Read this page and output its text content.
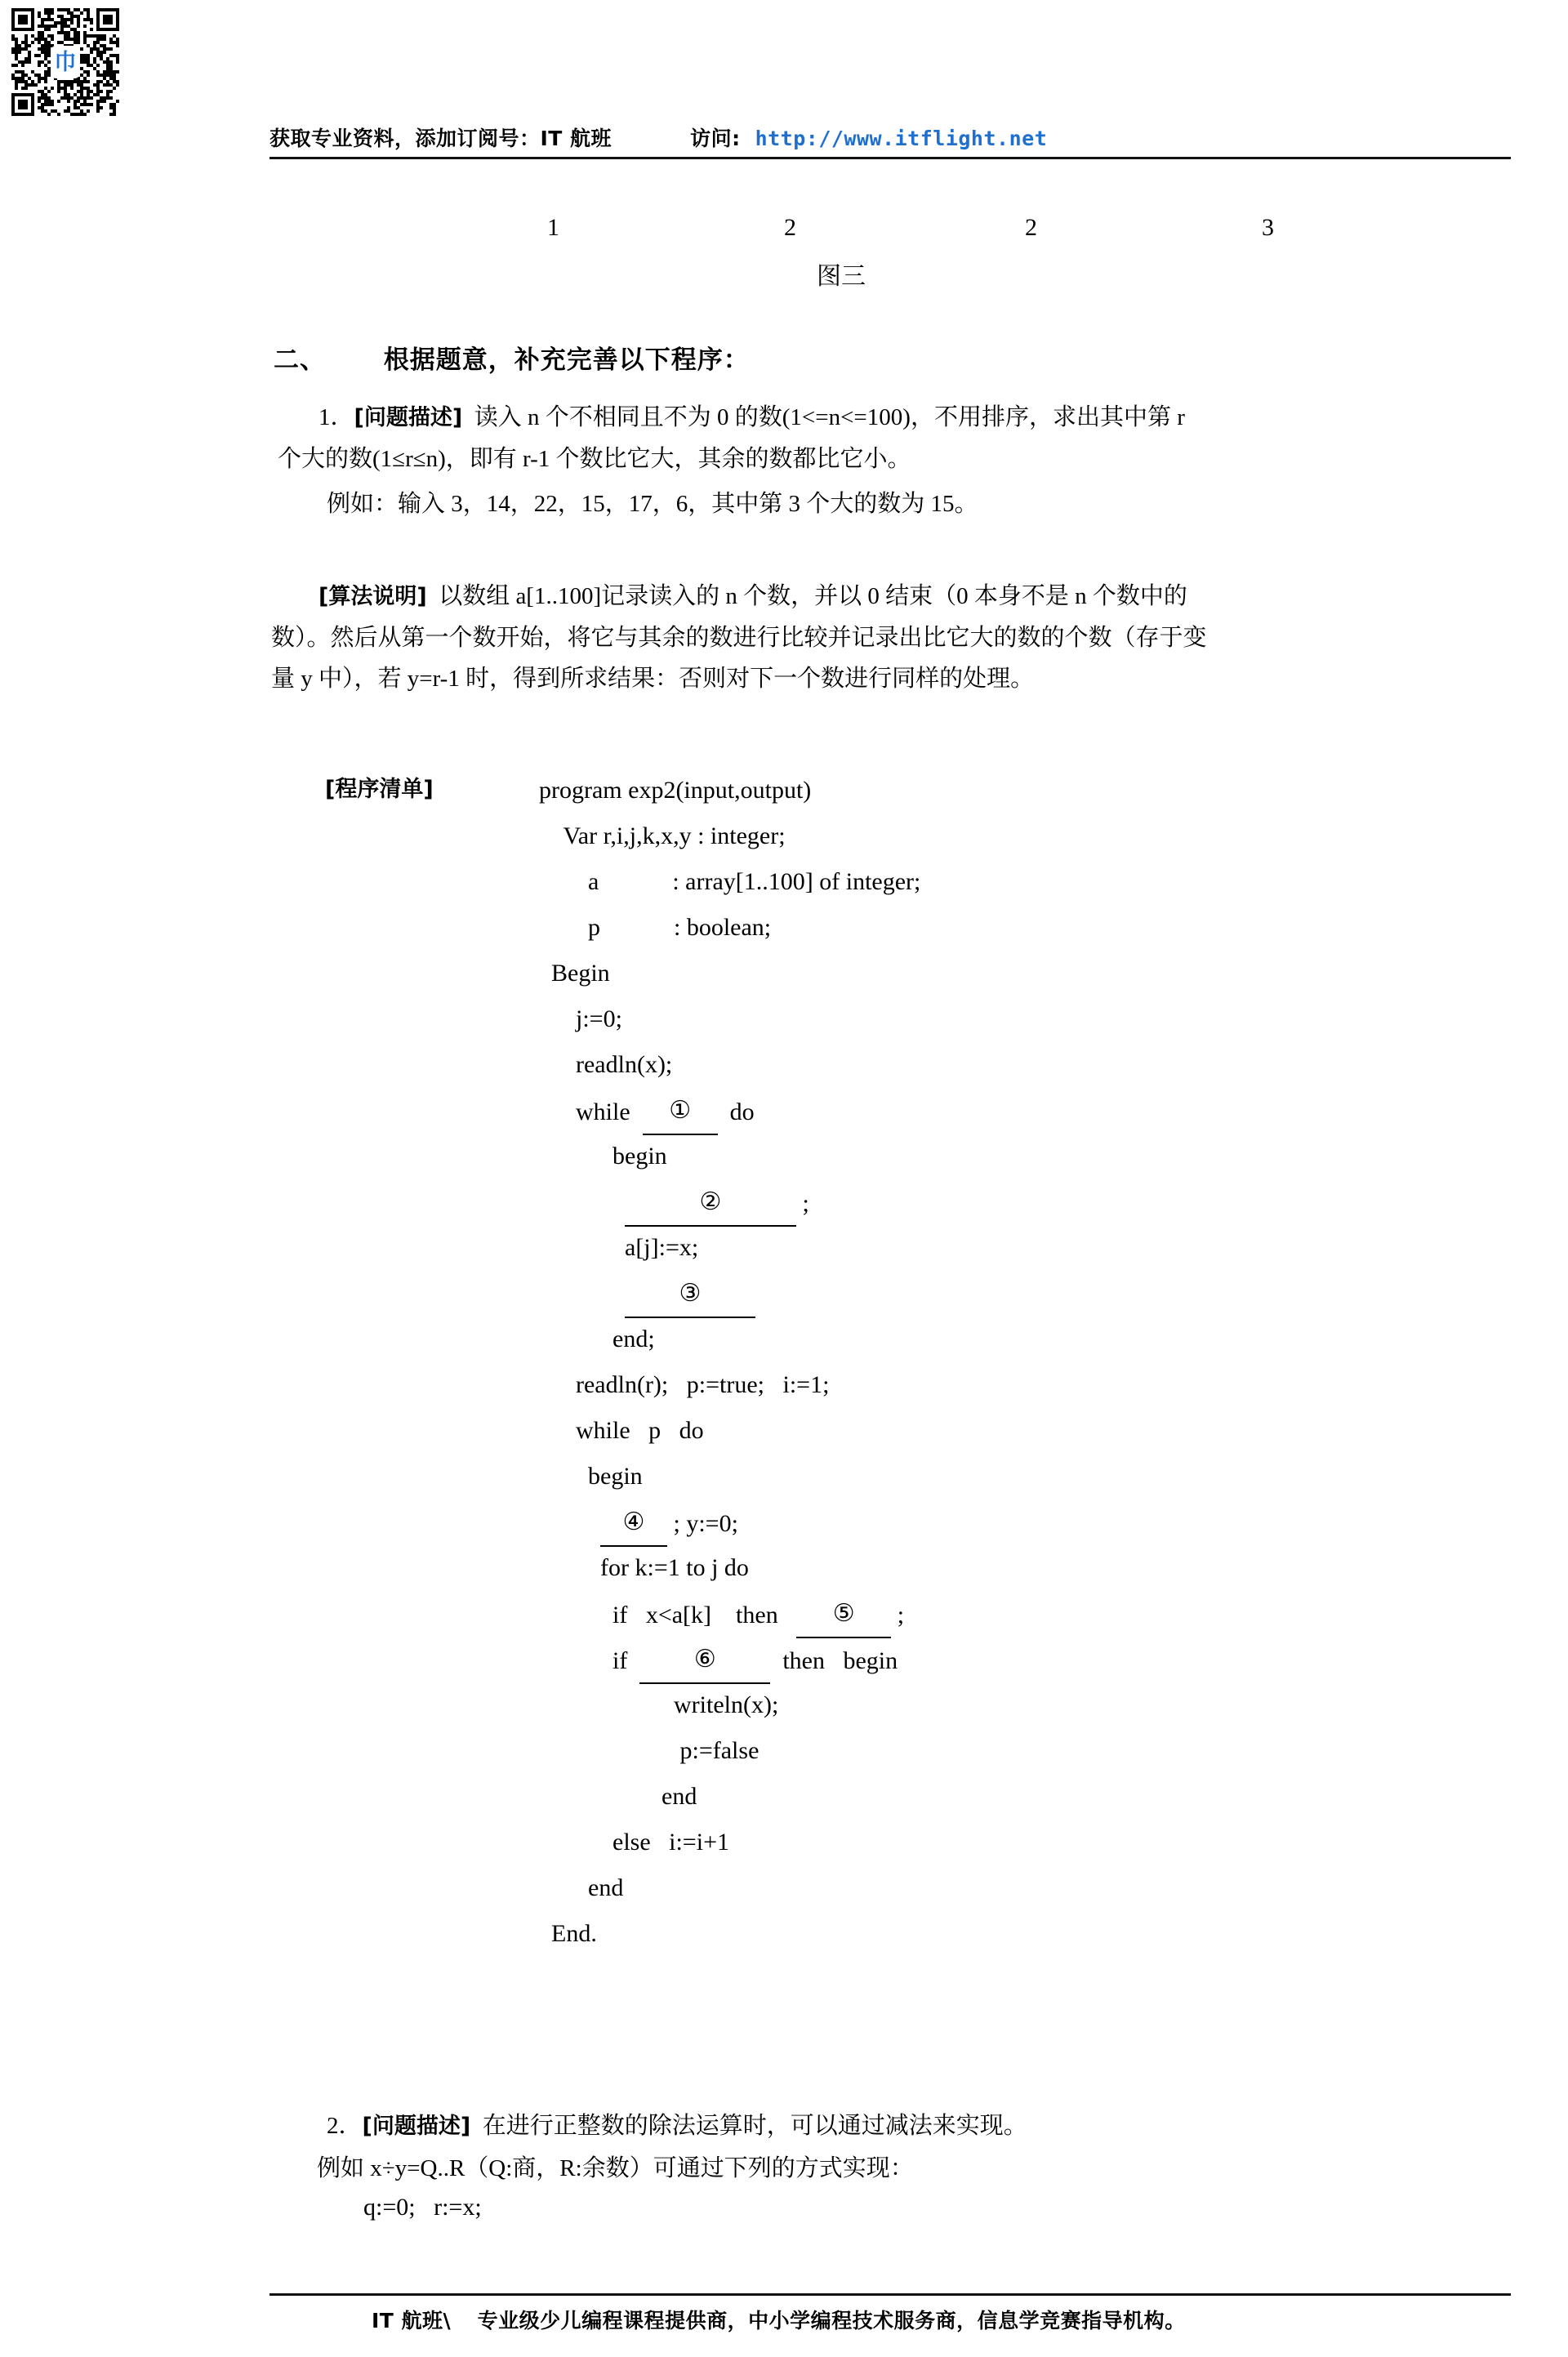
巾
获取专业资料，添加订阅号：IT 航班	访问: http://www.itflight.net
1	2	2	3
图三
二、      根据题意，补充完善以下程序：
1．[问题描述] 读入 n 个不相同且不为 0 的数(1<=n<=100)，不用排序，求出其中第 r
个大的数(1≤r≤n)，即有 r-1 个数比它大，其余的数都比它小。
例如：输入 3，14，22，15，17，6，其中第 3 个大的数为 15。
[算法说明] 以数组 a[1..100]记录读入的 n 个数，并以 0 结束（0 本身不是 n 个数中的
数）。然后从第一个数开始，将它与其余的数进行比较并记录出比它大的数的个数（存于变
量 y 中），若 y=r-1 时，得到所求结果：否则对下一个数进行同样的处理。
[程序清单]	program exp2(input,output)
Var r,i,j,k,x,y : integer;
a            : array[1..100] of integer;
p            : boolean;
Begin
j:=0;
readln(x);
while  ①  do
begin
②	;
a[j]:=x;
③
end;
readln(r);   p:=true;   i:=1;
while   p   do
begin
④ ; y:=0;
for k:=1 to j do
if   x<a[k]    then   ⑤ ;
if  ⑥  then   begin
writeln(x);
p:=false
end
else   i:=i+1
end
End.
2．[问题描述] 在进行正整数的除法运算时，可以通过减法来实现。
例如 x÷y=Q..R（Q:商，R:余数）可通过下列的方式实现：
q:=0;   r:=x;
IT 航班\ 专业级少儿编程课程提供商，中小学编程技术服务商，信息学竞赛指导机构。
